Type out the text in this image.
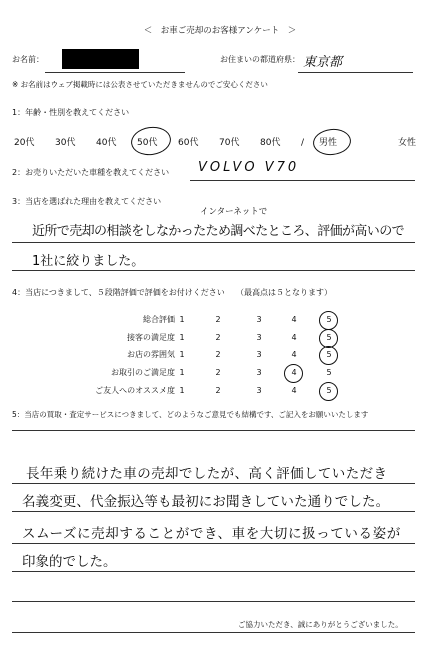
＜　お車ご売却のお客様アンケート　＞
お名前：	お住まいの都道府県： 東京都
※ お名前はウェブ掲載時には公表させていただきませんのでご安心ください
1：年齢・性別を教えてください
20代 30代 40代 50代 60代 70代 80代 / 男性	女性
2：お売りいただいた車種を教えてください VOLVO V70
3：当店を選ばれた理由を教えてください
インターネットで
近所で売却の相談をしなかったため調べたところ、評価が高いので
1社に絞りました。
4：当店につきまして、５段階評価で評価をお付けください （最高点は５となります）
総合評価 1	2	3	4	5
接客の満足度 1	2	3	4	5
お店の雰囲気 1	2	3	4	5
お取引のご満足度 1	2	3	4	5
ご友人へのオススメ度 1	2	3	4	5
5：当店の買取・査定サービスにつきまして、どのようなご意見でも結構です、ご記入をお願いいたします
長年乗り続けた車の売却でしたが、高く評価していただき
名義変更、代金振込等も最初にお聞きしていた通りでした。
スムーズに売却することができ、車を大切に扱っている姿が
印象的でした。
ご協力いただき、誠にありがとうございました。
